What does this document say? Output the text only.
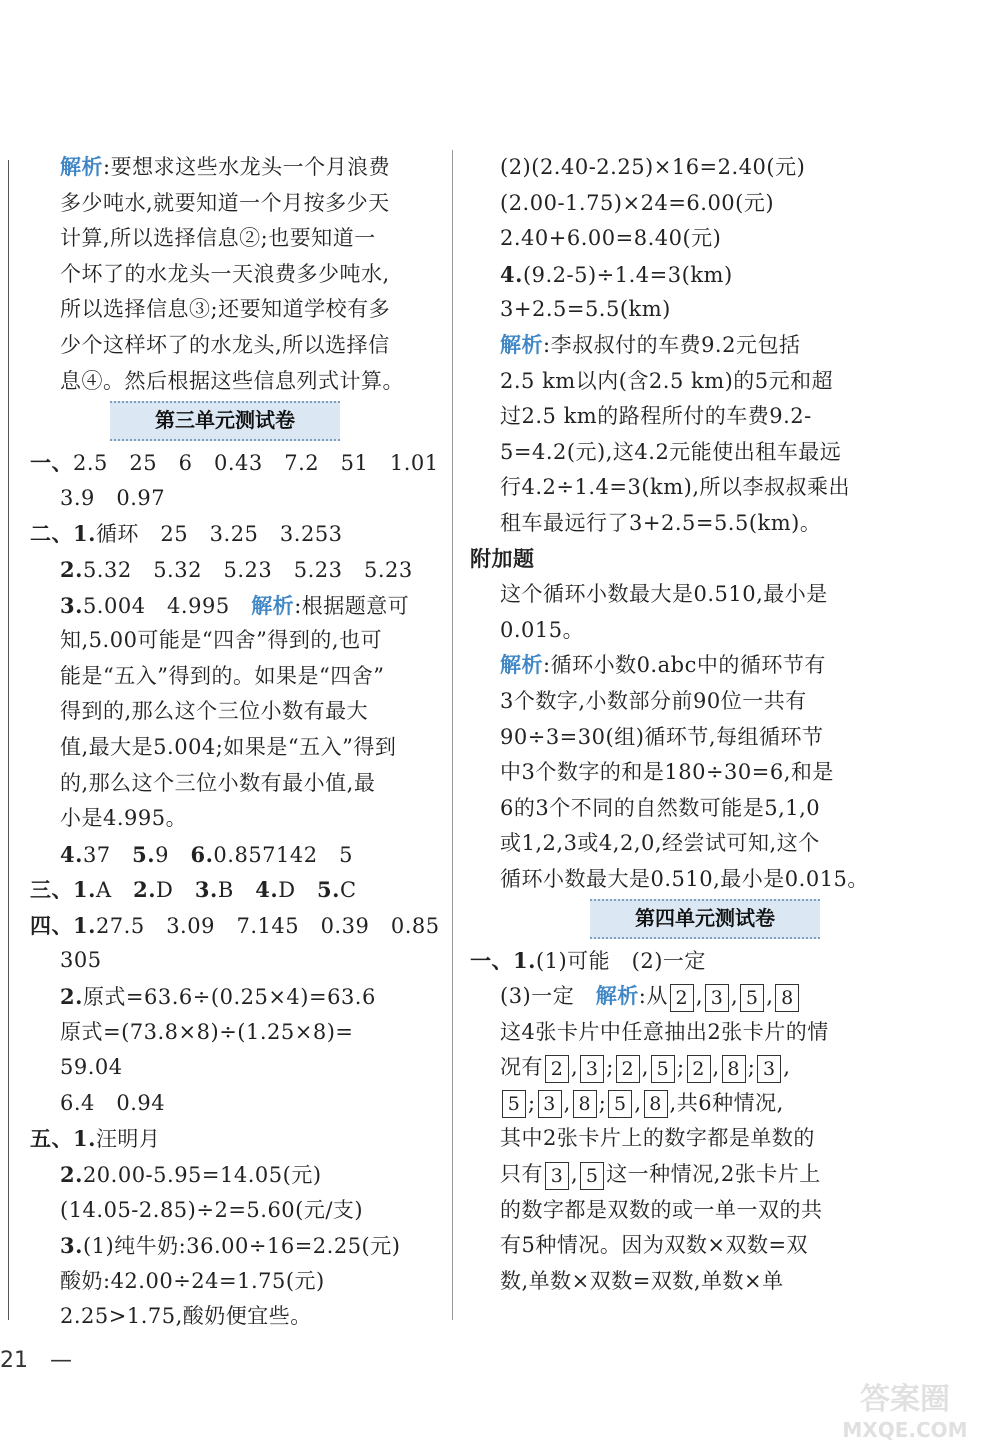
解析:要想求这些水龙头一个月浪费
多少吨水,就要知道一个月按多少天
计算,所以选择信息②;也要知道一
个坏了的水龙头一天浪费多少吨水,
所以选择信息③;还要知道学校有多
少个这样坏了的水龙头,所以选择信
息④。然后根据这些信息列式计算。
第三单元测试卷
一、2.5　25　6　0.43　7.2　51　1.01
3.9　0.97
二、1.循环　25　3.25　3.253
2.5.32　5.32　5.23　5.23　5.23
3.5.004　4.995　解析:根据题意可
知,5.00可能是“四舍”得到的,也可
能是“五入”得到的。如果是“四舍”
得到的,那么这个三位小数有最大
值,最大是5.004;如果是“五入”得到
的,那么这个三位小数有最小值,最
小是4.995。
4.37　 5.9　 6.0.857142　5
三、1.A　 2.D　 3.B　 4.D　 5.C
四、1.27.5　3.09　7.145　0.39　0.85
305
2.原式=63.6÷(0.25×4)=63.6
原式=(73.8×8)÷(1.25×8)=
59.04
6.4　0.94
五、1.汪明月
2.20.00-5.95=14.05(元)
(14.05-2.85)÷2=5.60(元/支)
3.(1)纯牛奶:36.00÷16=2.25(元)
酸奶:42.00÷24=1.75(元)
2.25>1.75,酸奶便宜些。
(2)(2.40-2.25)×16=2.40(元)
(2.00-1.75)×24=6.00(元)
2.40+6.00=8.40(元)
4.(9.2-5)÷1.4=3(km)
3+2.5=5.5(km)
解析:李叔叔付的车费9.2元包括
2.5 km以内(含2.5 km)的5元和超
过2.5 km的路程所付的车费9.2-
5=4.2(元),这4.2元能使出租车最远
行4.2÷1.4=3(km),所以李叔叔乘出
租车最远行了3+2.5=5.5(km)。
附加题
这个循环小数最大是0.510,最小是
0.015。
解析:循环小数0.abc中的循环节有
3个数字,小数部分前90位一共有
90÷3=30(组)循环节,每组循环节
中3个数字的和是180÷30=6,和是
6的3个不同的自然数可能是5,1,0
或1,2,3或4,2,0,经尝试可知,这个
循环小数最大是0.510,最小是0.015。
第四单元测试卷
一、1.(1)可能　(2)一定
(3)一定　解析:从 2 , 3 , 5 , 8
这4张卡片中任意抽出2张卡片的情
况有 2 , 3 ; 2 , 5 ; 2 , 8 ; 3 ,
5 ; 3 , 8 ; 5 , 8 ,共6种情况,
其中2张卡片上的数字都是单数的
只有 3 , 5 这一种情况,2张卡片上
的数字都是双数的或一单一双的共
有5种情况。因为双数×双数=双
数,单数×双数=双数,单数×单
21　—
答案圈
MXQE.COM
